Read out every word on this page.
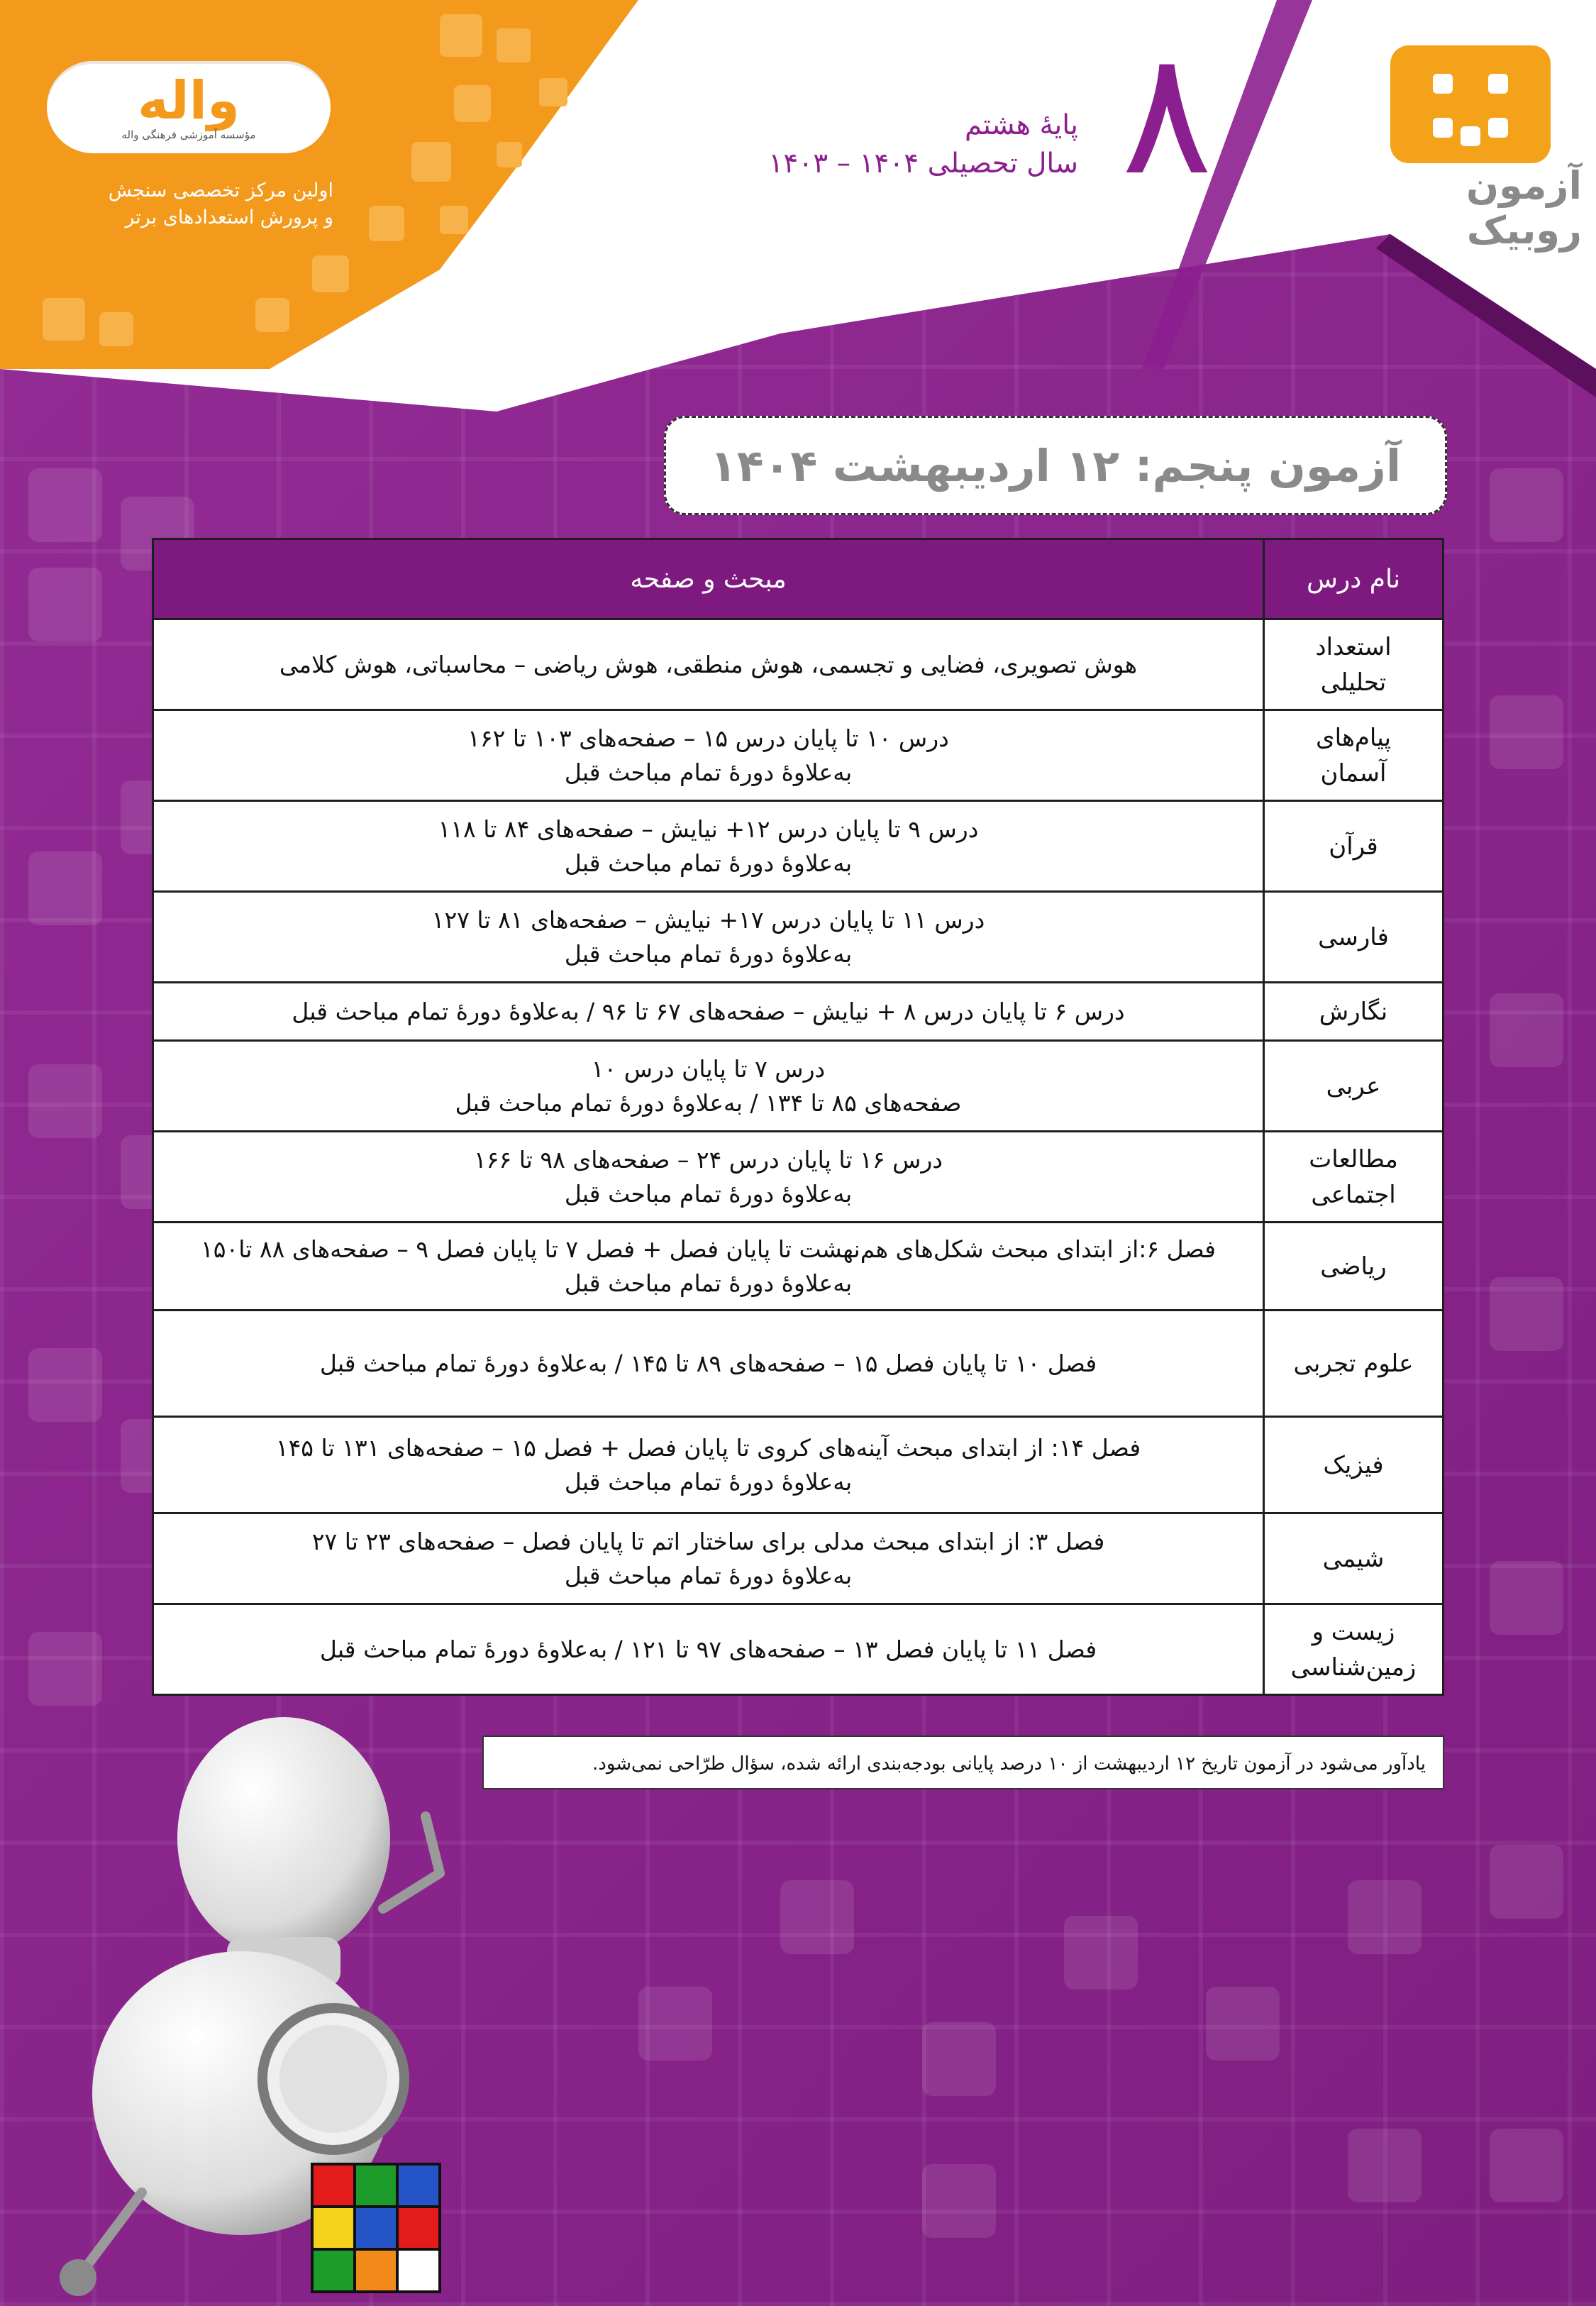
واله
مؤسسه آموزشی فرهنگی واله
اولین مرکز تخصصی سنجش
و پرورش استعدادهای برتر
پایهٔ هشتم
سال تحصیلی ۱۴۰۴ – ۱۴۰۳ ۸	آزمون روبیک
آزمون پنجم: ۱۲ اردیبهشت ۱۴۰۴
نام درس	مبحث و صفحه

استعداد
تحلیلی	هوش تصویری، فضایی و تجسمی، هوش منطقی، هوش ریاضی – محاسباتی، هوش کلامی

پیام‌های
آسمان	درس ۱۰ تا پایان درس ۱۵ – صفحه‌های ۱۰۳ تا ۱۶۲
به‌علاوهٔ دورهٔ تمام مباحث قبل

قرآن	درس ۹ تا پایان درس ۱۲+ نیایش – صفحه‌های ۸۴ تا ۱۱۸
به‌علاوهٔ دورهٔ تمام مباحث قبل

فارسی	درس ۱۱ تا پایان درس ۱۷+ نیایش – صفحه‌های ۸۱ تا ۱۲۷
به‌علاوهٔ دورهٔ تمام مباحث قبل

نگارش	درس ۶ تا پایان درس ۸ + نیایش – صفحه‌های ۶۷ تا ۹۶ / به‌علاوهٔ دورهٔ تمام مباحث قبل

عربی	درس ۷ تا پایان درس ۱۰
صفحه‌های ۸۵ تا ۱۳۴ / به‌علاوهٔ دورهٔ تمام مباحث قبل

مطالعات
اجتماعی	درس ۱۶ تا پایان درس ۲۴ – صفحه‌های ۹۸ تا ۱۶۶
به‌علاوهٔ دورهٔ تمام مباحث قبل

ریاضی	فصل ۶:از ابتدای مبحث شکل‌های هم‌نهشت تا پایان فصل + فصل ۷ تا پایان فصل ۹ – صفحه‌های ۸۸ تا۱۵۰
به‌علاوهٔ دورهٔ تمام مباحث قبل

علوم تجربی	فصل ۱۰ تا پایان فصل ۱۵ – صفحه‌های ۸۹ تا ۱۴۵ / به‌علاوهٔ دورهٔ تمام مباحث قبل

فیزیک	فصل ۱۴: از ابتدای مبحث آینه‌های کروی تا پایان فصل + فصل ۱۵ – صفحه‌های ۱۳۱ تا ۱۴۵
به‌علاوهٔ دورهٔ تمام مباحث قبل

شیمی	فصل ۳: از ابتدای مبحث مدلی برای ساختار اتم تا پایان فصل – صفحه‌های ۲۳ تا ۲۷
به‌علاوهٔ دورهٔ تمام مباحث قبل

زیست و
زمین‌شناسی	فصل ۱۱ تا پایان فصل ۱۳ – صفحه‌های ۹۷ تا ۱۲۱ / به‌علاوهٔ دورهٔ تمام مباحث قبل
یادآور می‌شود در آزمون تاریخ ۱۲ اردیبهشت از ۱۰ درصد پایانی بودجه‌بندی ارائه شده، سؤال طرّاحی نمی‌شود.
